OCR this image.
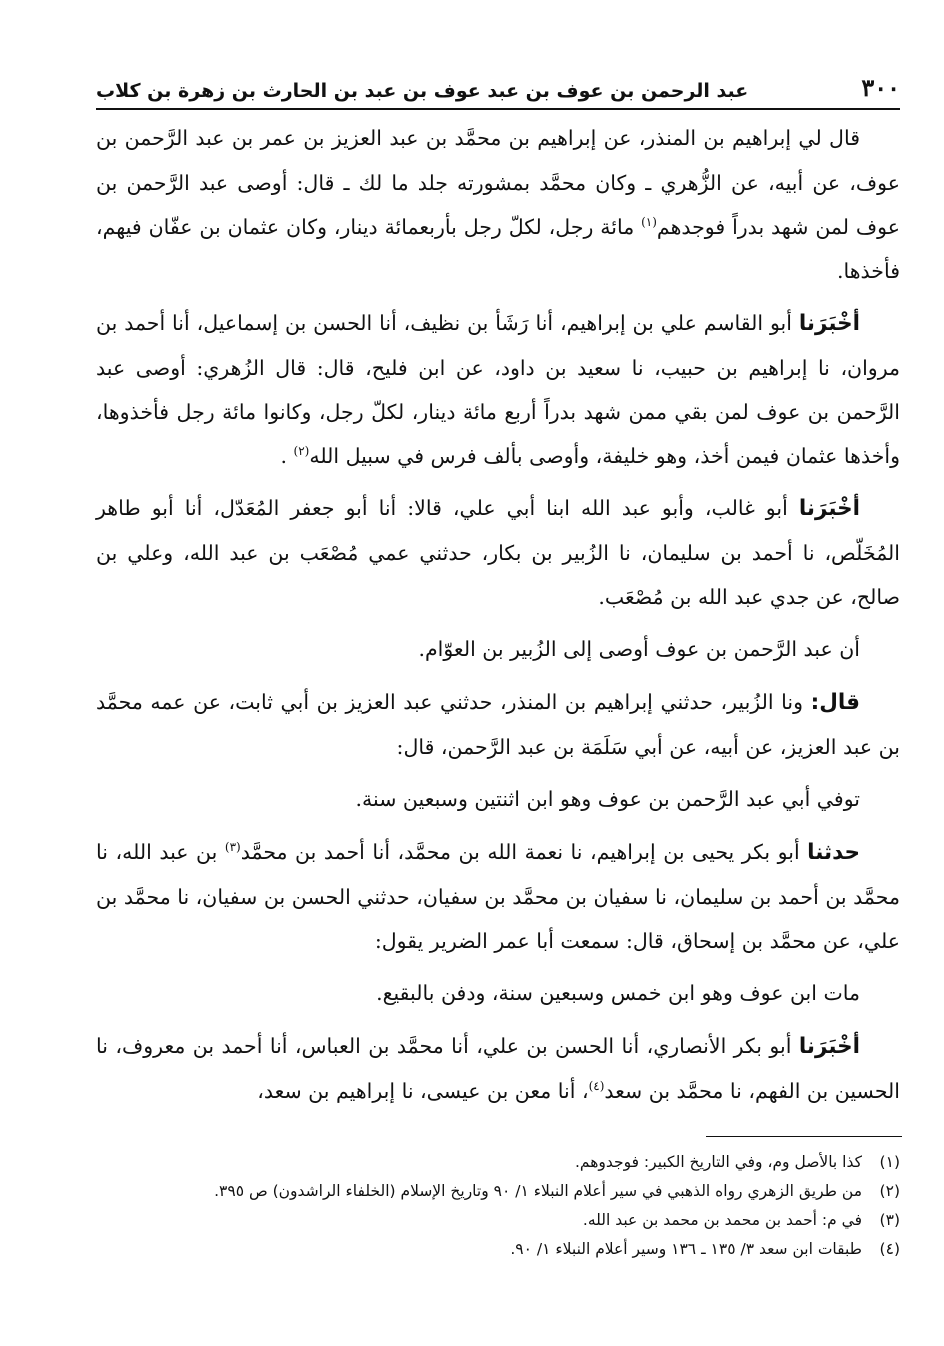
٣٠٠
عبد الرحمن بن عوف بن عبد عوف بن عبد بن الحارث بن زهرة بن كلاب

قال لي إبراهيم بن المنذر، عن إبراهيم بن محمَّد بن عبد العزيز بن عمر بن عبد الرَّحمن بن عوف، عن أبيه، عن الزُّهري ـ وكان محمَّد بمشورته جلد ما لك ـ قال: أوصى عبد الرَّحمن بن عوف لمن شهد بدراً فوجدهم$^{(١)}$ مائة رجل، لكلّ رجل بأربعمائة دينار، وكان عثمان بن عفّان فيهم، فأخذها.

أخْبَرَنا أبو القاسم علي بن إبراهيم، أنا رَشَأ بن نظيف، أنا الحسن بن إسماعيل، أنا أحمد بن مروان، نا إبراهيم بن حبيب، نا سعيد بن داود، عن ابن فليح، قال: قال الزُهري: أوصى عبد الرَّحمن بن عوف لمن بقي ممن شهد بدراً أربع مائة دينار، لكلّ رجل، وكانوا مائة رجل فأخذوها، وأخذها عثمان فيمن أخذ، وهو خليفة، وأوصى بألف فرس في سبيل الله$^{(٢)}$ .

أخْبَرَنا أبو غالب، وأبو عبد الله ابنا أبي علي، قالا: أنا أبو جعفر المُعَدّل، أنا أبو طاهر المُخَلّص، نا أحمد بن سليمان، نا الزُبير بن بكار، حدثني عمي مُصْعَب بن عبد الله، وعلي بن صالح، عن جدي عبد الله بن مُصْعَب.

أن عبد الرَّحمن بن عوف أوصى إلى الزُبير بن العوّام.

قال: ونا الزُبير، حدثني إبراهيم بن المنذر، حدثني عبد العزيز بن أبي ثابت، عن عمه محمَّد بن عبد العزيز، عن أبيه، عن أبي سَلَمَة بن عبد الرَّحمن، قال:

توفي أبي عبد الرَّحمن بن عوف وهو ابن اثنتين وسبعين سنة.

حدثنا أبو بكر يحيى بن إبراهيم، نا نعمة الله بن محمَّد، أنا أحمد بن محمَّد$^{(٣)}$ بن عبد الله، نا محمَّد بن أحمد بن سليمان، نا سفيان بن محمَّد بن سفيان، حدثني الحسن بن سفيان، نا محمَّد بن علي، عن محمَّد بن إسحاق، قال: سمعت أبا عمر الضرير يقول:

مات ابن عوف وهو ابن خمس وسبعين سنة، ودفن بالبقيع.

أخْبَرَنا أبو بكر الأنصاري، أنا الحسن بن علي، أنا محمَّد بن العباس، أنا أحمد بن معروف، نا الحسين بن الفهم، نا محمَّد بن سعد$^{(٤)}$، أنا معن بن عيسى، نا إبراهيم بن سعد،

(١)
كذا بالأصل وم، وفي التاريخ الكبير: فوجدوهم.
(٢)
من طريق الزهري رواه الذهبي في سير أعلام النبلاء ١/ ٩٠ وتاريخ الإسلام (الخلفاء الراشدون) ص ٣٩٥.
(٣)
في م: أحمد بن محمد بن محمد بن عبد الله.
(٤)
طبقات ابن سعد ٣/ ١٣٥ ـ ١٣٦ وسير أعلام النبلاء ١/ ٩٠.
